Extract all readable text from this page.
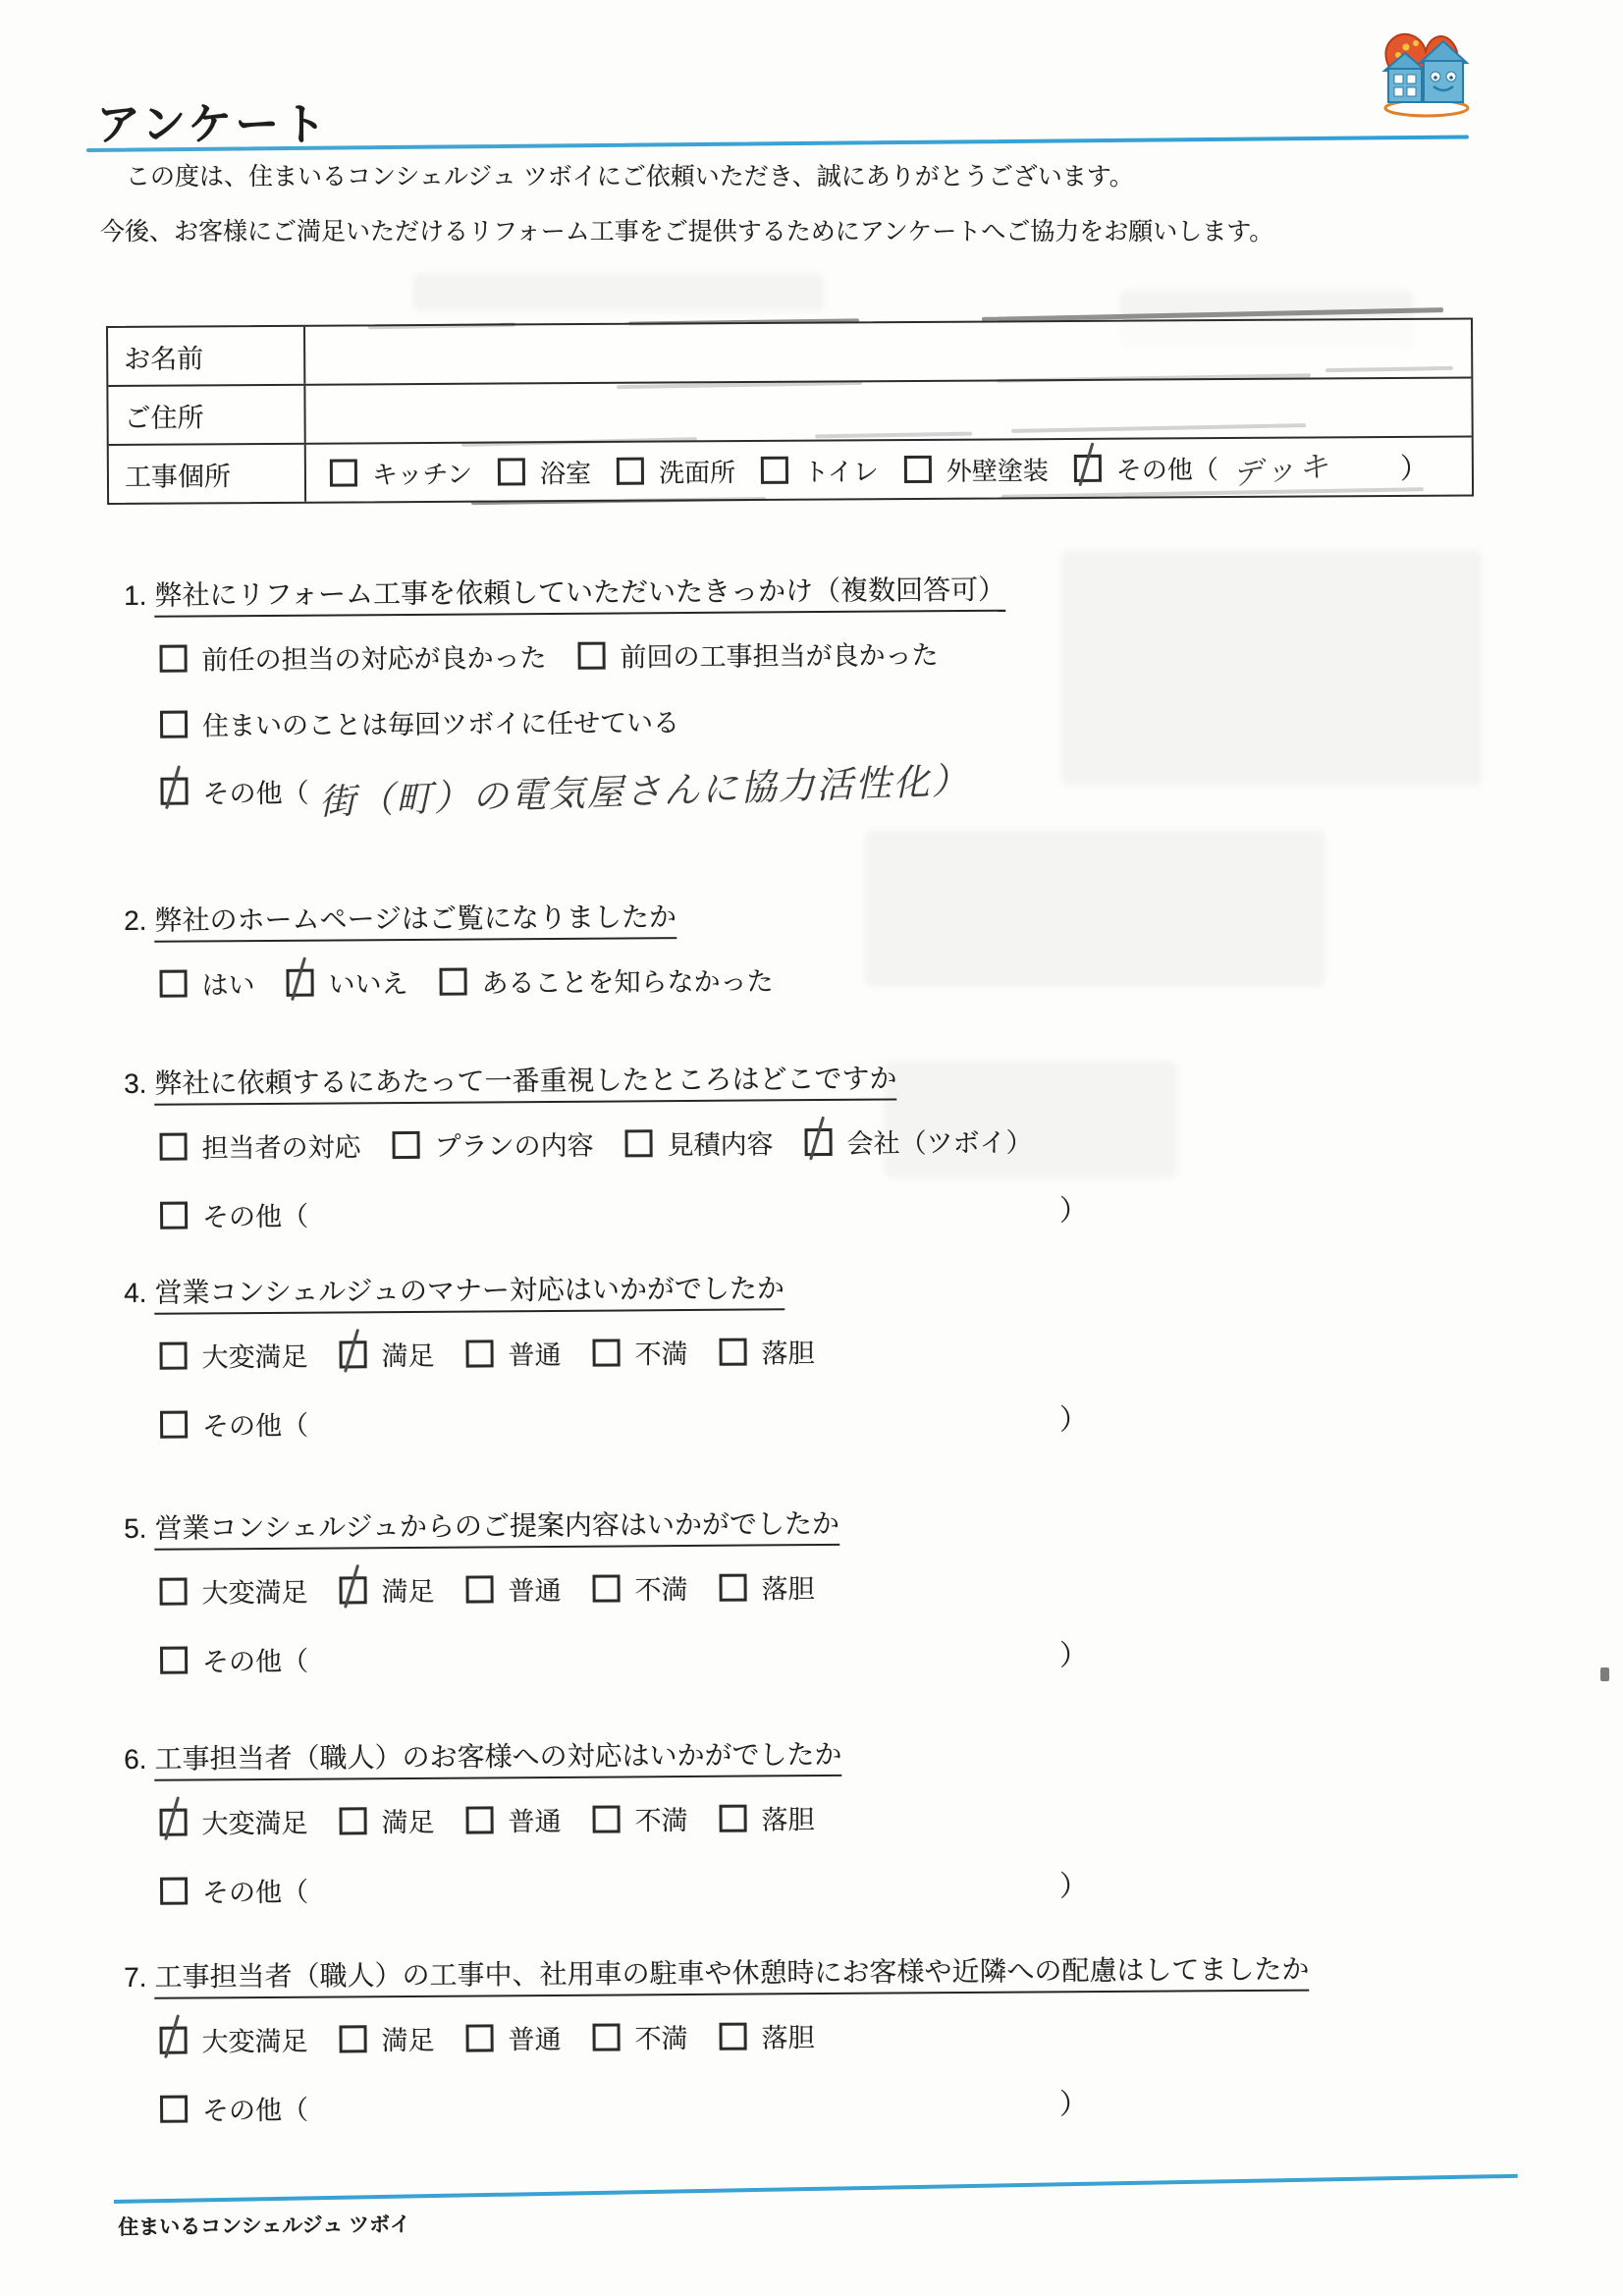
アンケート

この度は、住まいるコンシェルジュ ツボイにご依頼いただき、誠にありがとうございます。

今後、お客様にご満足いただけるリフォーム工事をご提供するためにアンケートへご協力をお願いします。

お名前
ご住所
工事個所	キッチン	浴室	洗面所	トイレ	外壁塗装	その他（ デッキ ）
1. 弊社にリフォーム工事を依頼していただいたきっかけ（複数回答可）
前任の担当の対応が良かった	前回の工事担当が良かった
住まいのことは毎回ツボイに任せている
その他（ 街（町）の電気屋さんに協力活性化）
2. 弊社のホームページはご覧になりましたか
はい	いいえ	あることを知らなかった
3. 弊社に依頼するにあたって一番重視したところはどこですか
担当者の対応	プランの内容	見積内容	会社（ツボイ）
その他（	）
4. 営業コンシェルジュのマナー対応はいかがでしたか
大変満足	満足	普通	不満	落胆
その他（	）
5. 営業コンシェルジュからのご提案内容はいかがでしたか
大変満足	満足	普通	不満	落胆
その他（	）
6. 工事担当者（職人）のお客様への対応はいかがでしたか
大変満足	満足	普通	不満	落胆
その他（	）
7. 工事担当者（職人）の工事中、社用車の駐車や休憩時にお客様や近隣への配慮はしてましたか
大変満足	満足	普通	不満	落胆
その他（	）
住まいるコンシェルジュ ツボイ
